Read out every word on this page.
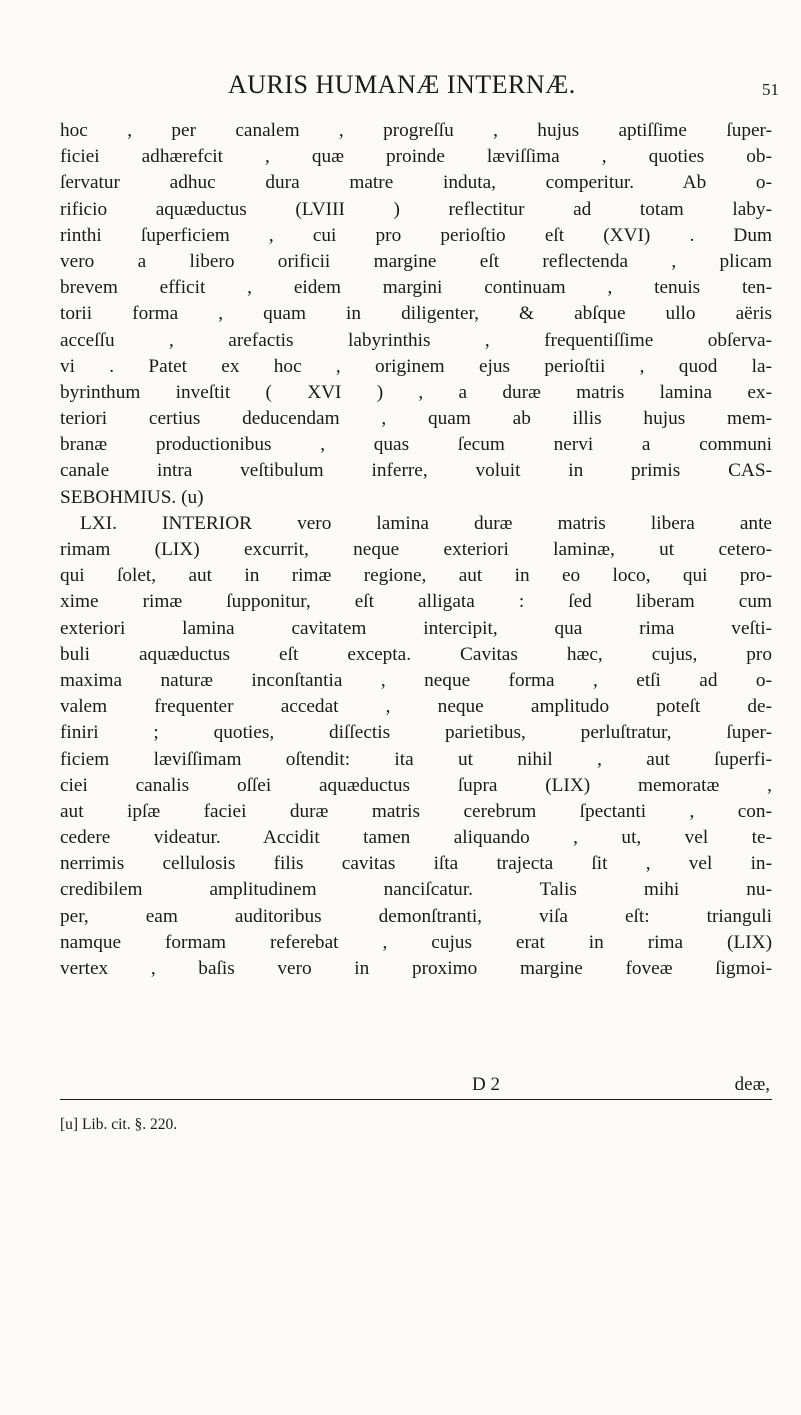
AURIS HUMANÆ INTERNÆ.	51
hoc , per canalem , progreſſu , hujus aptiſſime ſuper-
ficiei adhærefcit , quæ proinde læviſſima , quoties ob-
ſervatur adhuc dura matre induta, comperitur. Ab o-
rificio aquæductus (LVIII ) reflectitur ad totam laby-
rinthi ſuperficiem , cui pro perioſtio eſt (XVI) . Dum
vero a libero orificii margine eſt reflectenda , plicam
brevem efficit , eidem margini continuam , tenuis ten-
torii forma , quam in diligenter, & abſque ullo aëris
acceſſu , arefactis labyrinthis , frequentiſſime obſerva-
vi . Patet ex hoc , originem ejus perioſtii , quod la-
byrinthum inveſtit ( XVI ) , a duræ matris lamina ex-
teriori certius deducendam , quam ab illis hujus mem-
branæ productionibus , quas ſecum nervi a communi
canale intra veſtibulum inferre, voluit in primis CAS-
SEBOHMIUS. (u)
LXI. INTERIOR vero lamina duræ matris libera ante
rimam (LIX) excurrit, neque exteriori laminæ, ut cetero-
qui ſolet, aut in rimæ regione, aut in eo loco, qui pro-
xime rimæ ſupponitur, eſt alligata : ſed liberam cum
exteriori lamina cavitatem intercipit, qua rima veſti-
buli aquæductus eſt excepta. Cavitas hæc, cujus, pro
maxima naturæ inconſtantia , neque forma , etſi ad o-
valem frequenter accedat , neque amplitudo poteſt de-
finiri ; quoties, diſſectis parietibus, perluſtratur, ſuper-
ficiem læviſſimam oſtendit: ita ut nihil , aut ſuperfi-
ciei canalis oſſei aquæductus ſupra (LIX) memoratæ ,
aut ipſæ faciei duræ matris cerebrum ſpectanti , con-
cedere videatur. Accidit tamen aliquando , ut, vel te-
nerrimis cellulosis filis cavitas iſta trajecta ſit , vel in-
credibilem amplitudinem nanciſcatur. Talis mihi nu-
per, eam auditoribus demonſtranti, viſa eſt: trianguli
namque formam referebat , cujus erat in rima (LIX)
vertex , baſis vero in proximo margine foveæ ſigmoi-
D 2	deæ,
[u] Lib. cit. §. 220.
